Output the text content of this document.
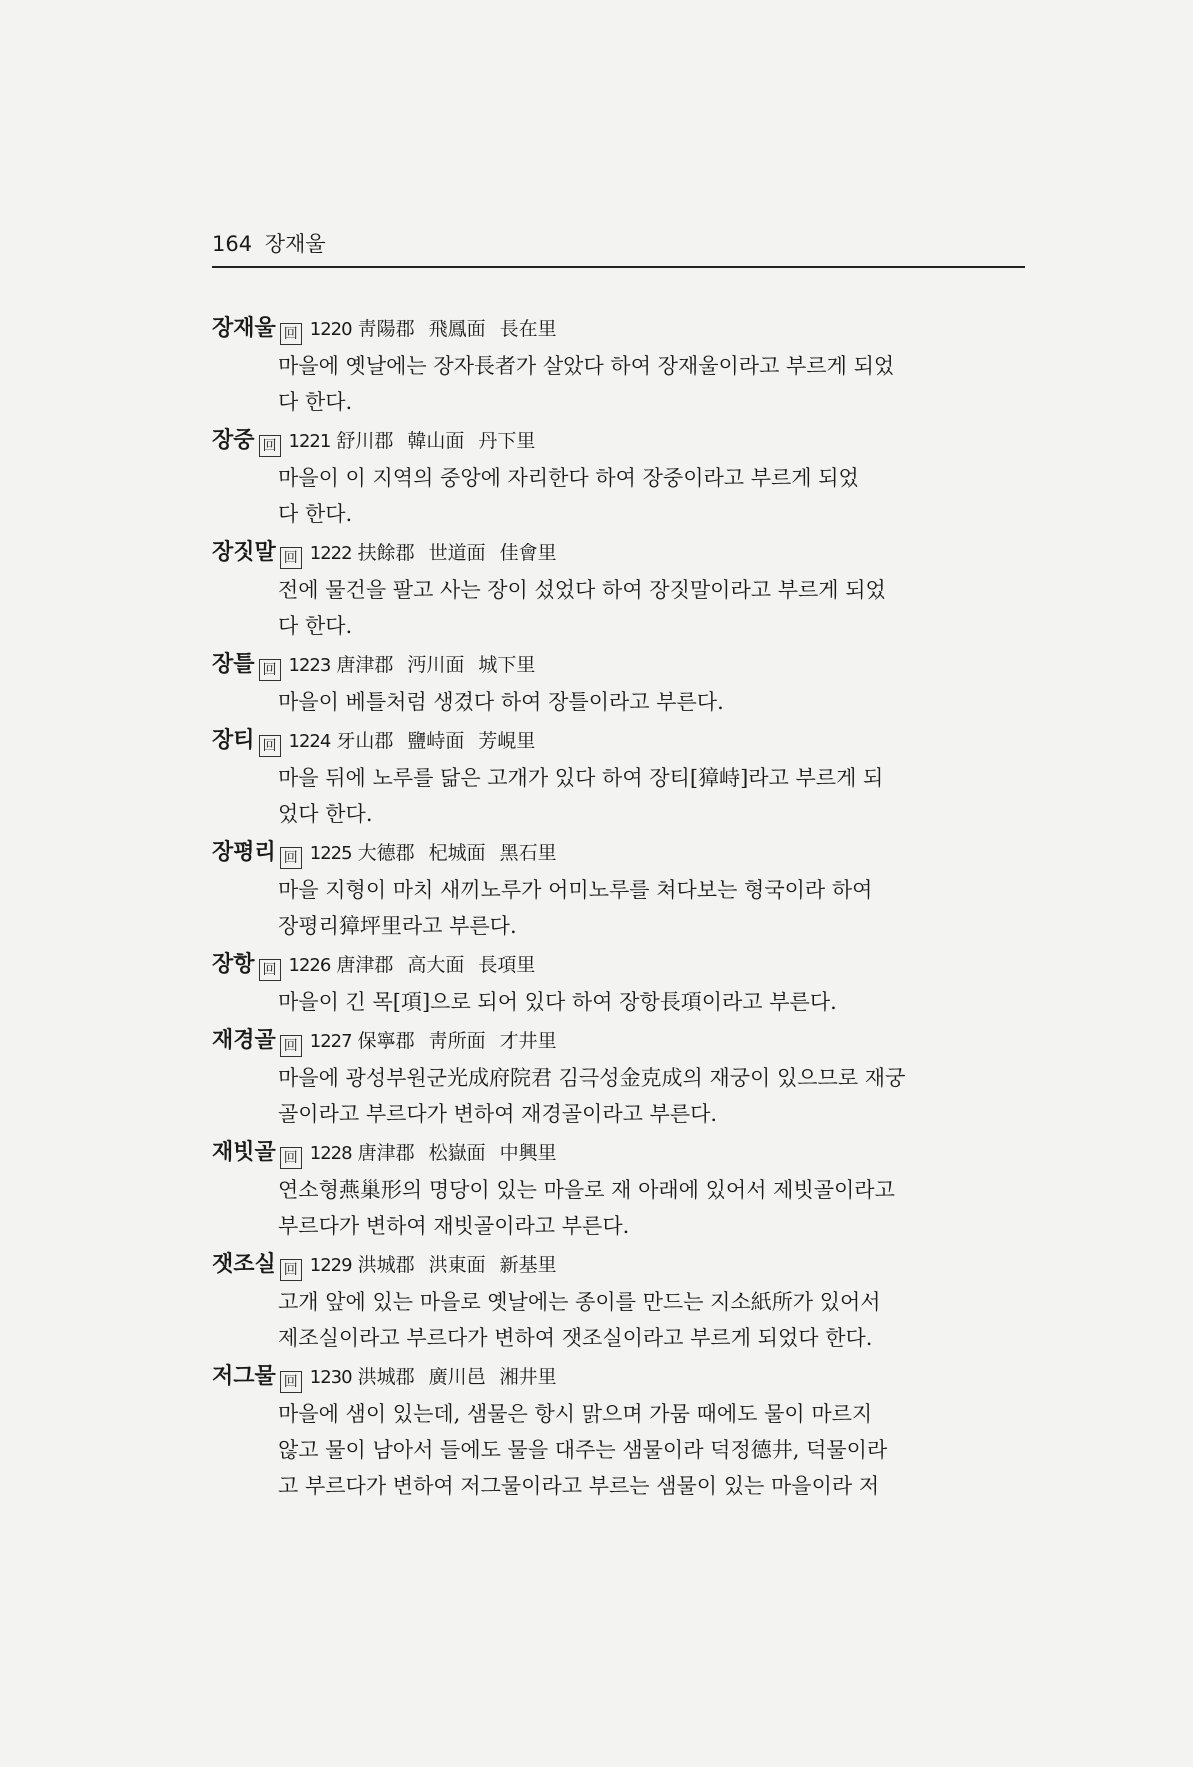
164 장재울
장재울 回 1220 靑陽郡 飛鳳面 長在里
마을에 옛날에는 장자長者가 살았다 하여 장재울이라고 부르게 되었
다 한다.
장중 回 1221 舒川郡 韓山面 丹下里
마을이 이 지역의 중앙에 자리한다 하여 장중이라고 부르게 되었
다 한다.
장짓말 回 1222 扶餘郡 世道面 佳會里
전에 물건을 팔고 사는 장이 섰었다 하여 장짓말이라고 부르게 되었
다 한다.
장틀 回 1223 唐津郡 沔川面 城下里
마을이 베틀처럼 생겼다 하여 장틀이라고 부른다.
장티 回 1224 牙山郡 鹽峙面 芳峴里
마을 뒤에 노루를 닮은 고개가 있다 하여 장티[獐峙]라고 부르게 되
었다 한다.
장평리 回 1225 大德郡 杞城面 黑石里
마을 지형이 마치 새끼노루가 어미노루를 쳐다보는 형국이라 하여
장평리獐坪里라고 부른다.
장항 回 1226 唐津郡 高大面 長項里
마을이 긴 목[項]으로 되어 있다 하여 장항長項이라고 부른다.
재경골 回 1227 保寧郡 靑所面 才井里
마을에 광성부원군光成府院君 김극성金克成의 재궁이 있으므로 재궁
골이라고 부르다가 변하여 재경골이라고 부른다.
재빗골 回 1228 唐津郡 松嶽面 中興里
연소형燕巢形의 명당이 있는 마을로 재 아래에 있어서 제빗골이라고
부르다가 변하여 재빗골이라고 부른다.
잿조실 回 1229 洪城郡 洪東面 新基里
고개 앞에 있는 마을로 옛날에는 종이를 만드는 지소紙所가 있어서
제조실이라고 부르다가 변하여 잿조실이라고 부르게 되었다 한다.
저그물 回 1230 洪城郡 廣川邑 湘井里
마을에 샘이 있는데, 샘물은 항시 맑으며 가뭄 때에도 물이 마르지
않고 물이 남아서 들에도 물을 대주는 샘물이라 덕정德井, 덕물이라
고 부르다가 변하여 저그물이라고 부르는 샘물이 있는 마을이라 저
